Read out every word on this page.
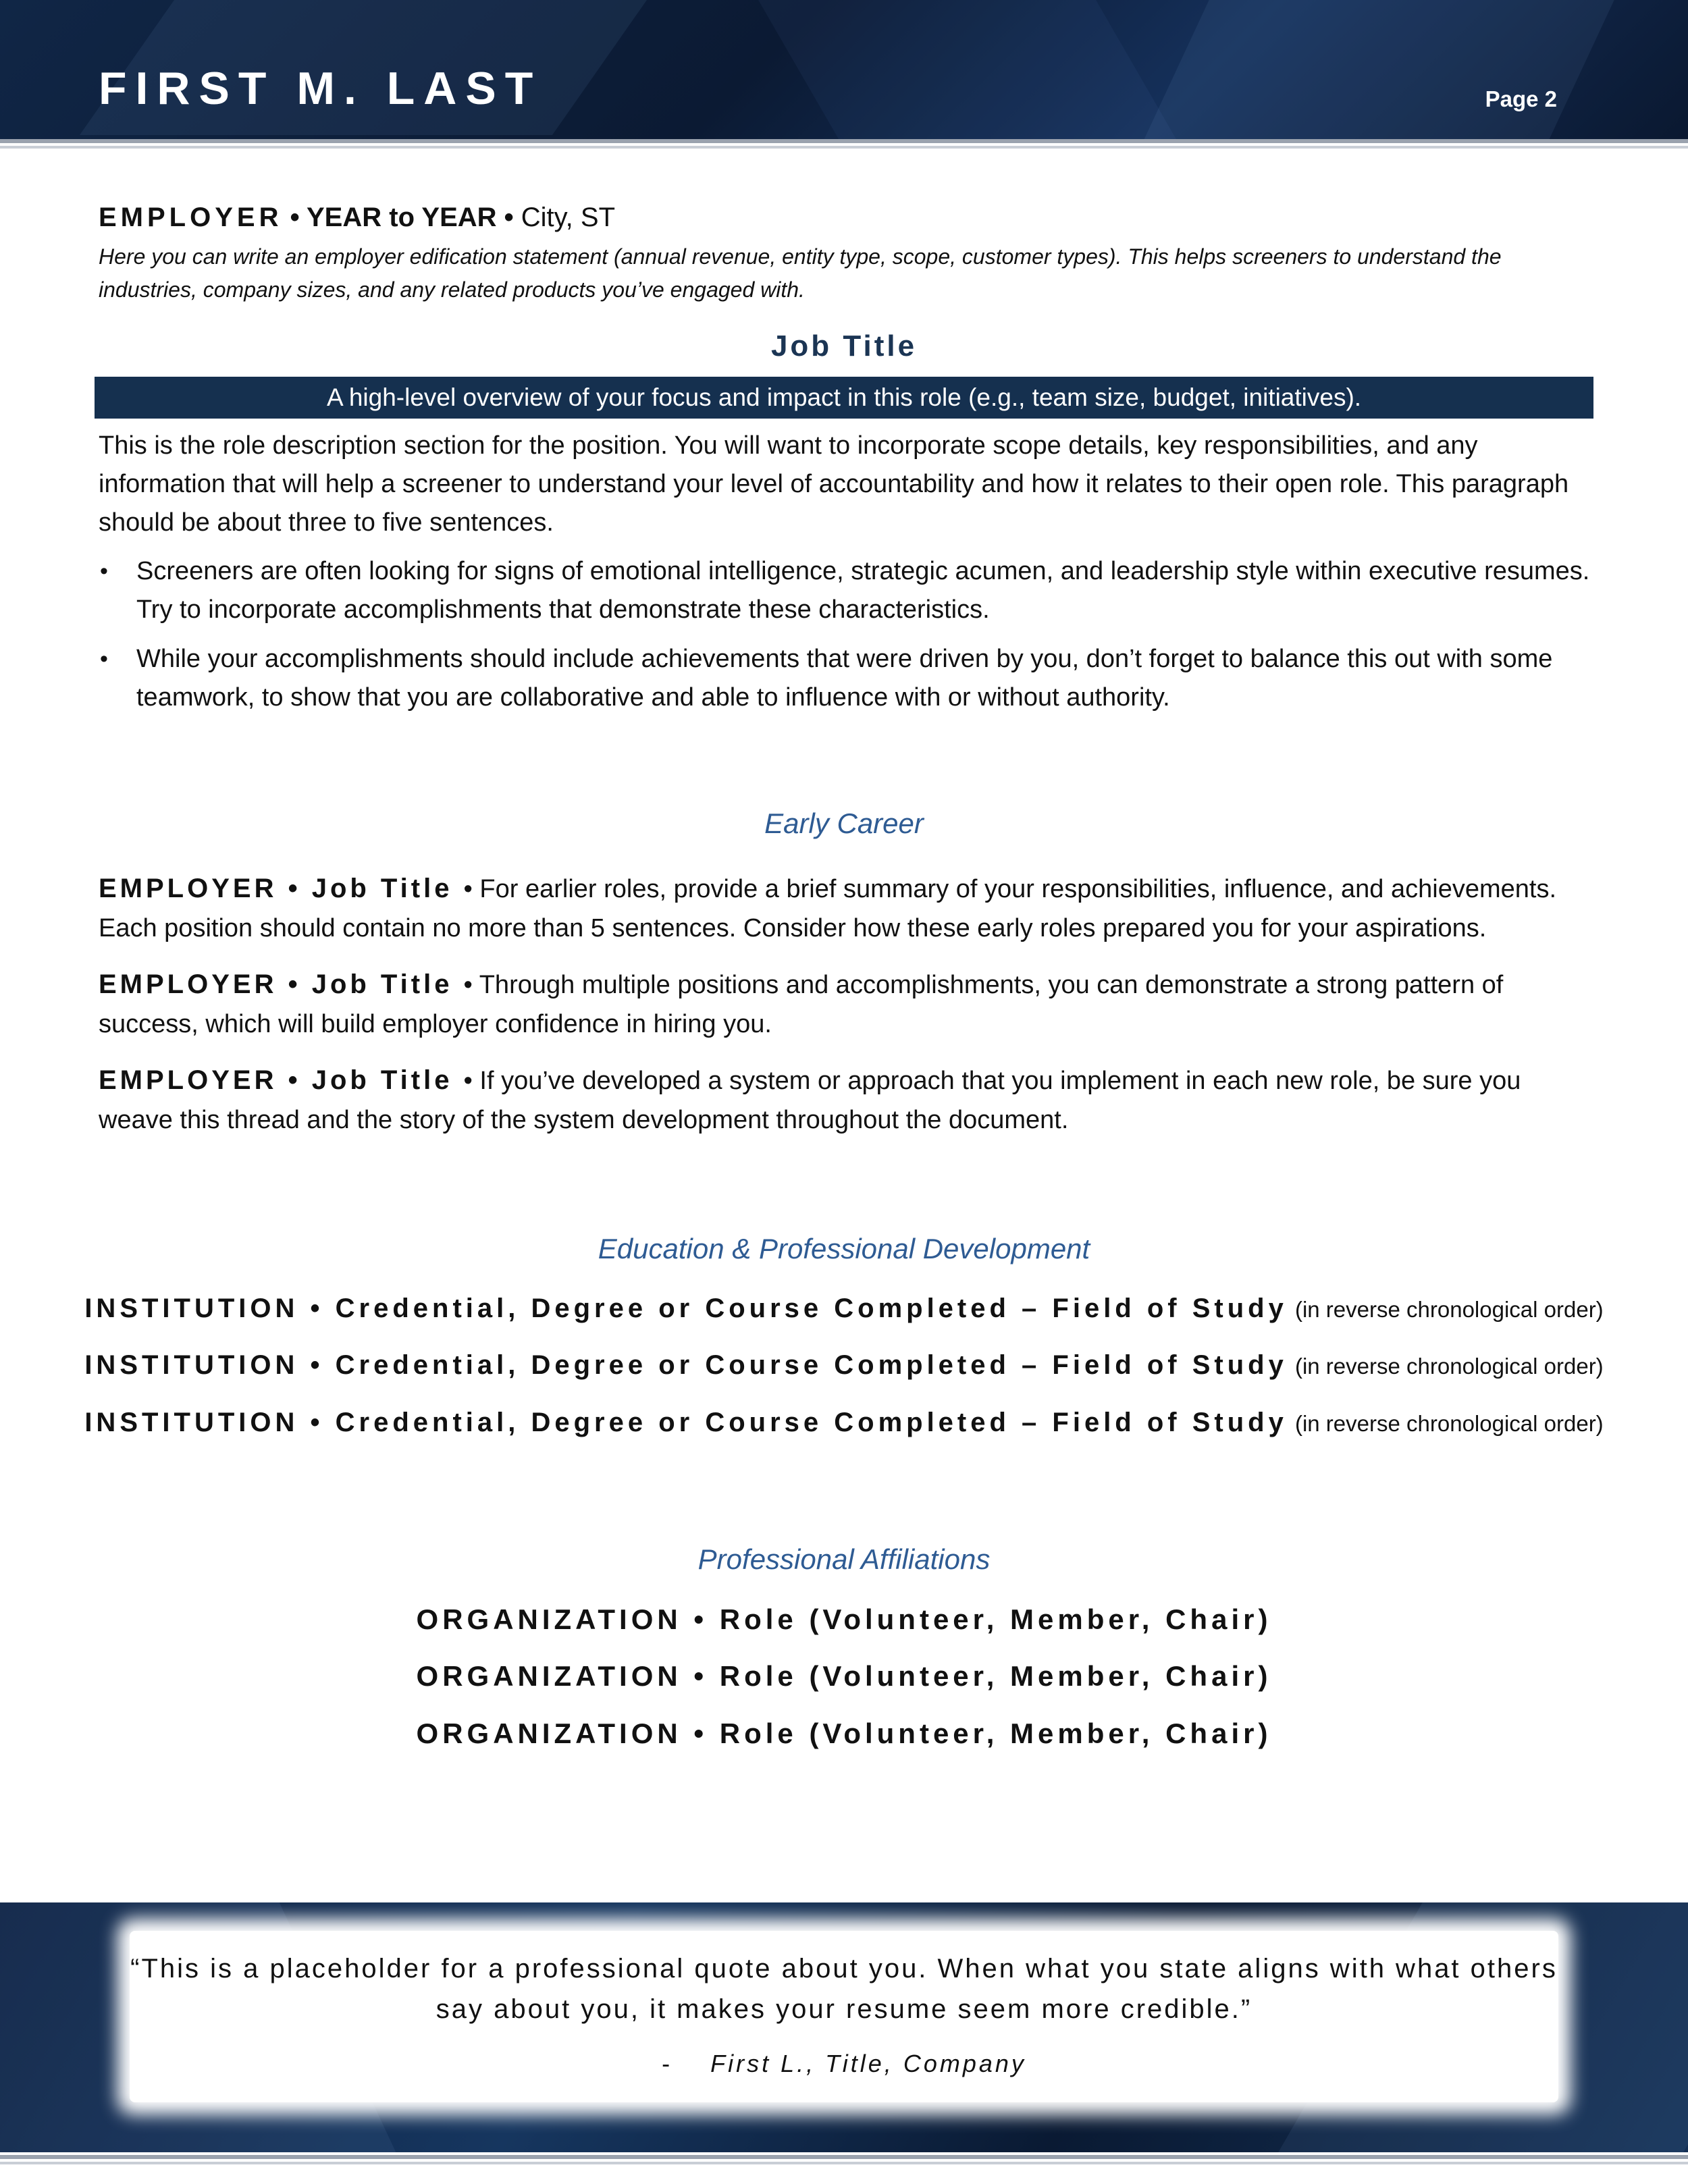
FIRST M. LAST	Page 2
EMPLOYER • YEAR to YEAR • City, ST
Here you can write an employer edification statement (annual revenue, entity type, scope, customer types). This helps screeners to understand the industries, company sizes, and any related products you’ve engaged with.
Job Title
A high-level overview of your focus and impact in this role (e.g., team size, budget, initiatives).
This is the role description section for the position. You will want to incorporate scope details, key responsibilities, and any information that will help a screener to understand your level of accountability and how it relates to their open role. This paragraph should be about three to five sentences.
• Screeners are often looking for signs of emotional intelligence, strategic acumen, and leadership style within executive resumes. Try to incorporate accomplishments that demonstrate these characteristics.
• While your accomplishments should include achievements that were driven by you, don’t forget to balance this out with some teamwork, to show that you are collaborative and able to influence with or without authority.
Early Career
EMPLOYER • Job Title • For earlier roles, provide a brief summary of your responsibilities, influence, and achievements. Each position should contain no more than 5 sentences. Consider how these early roles prepared you for your aspirations.
EMPLOYER • Job Title • Through multiple positions and accomplishments, you can demonstrate a strong pattern of success, which will build employer confidence in hiring you.
EMPLOYER • Job Title • If you’ve developed a system or approach that you implement in each new role, be sure you weave this thread and the story of the system development throughout the document.
Education & Professional Development
INSTITUTION • Credential, Degree or Course Completed – Field of Study (in reverse chronological order)
INSTITUTION • Credential, Degree or Course Completed – Field of Study (in reverse chronological order)
INSTITUTION • Credential, Degree or Course Completed – Field of Study (in reverse chronological order)
Professional Affiliations
ORGANIZATION • Role (Volunteer, Member, Chair)
ORGANIZATION • Role (Volunteer, Member, Chair)
ORGANIZATION • Role (Volunteer, Member, Chair)
“This is a placeholder for a professional quote about you. When what you state aligns with what others say about you, it makes your resume seem more credible.”
- First L., Title, Company
